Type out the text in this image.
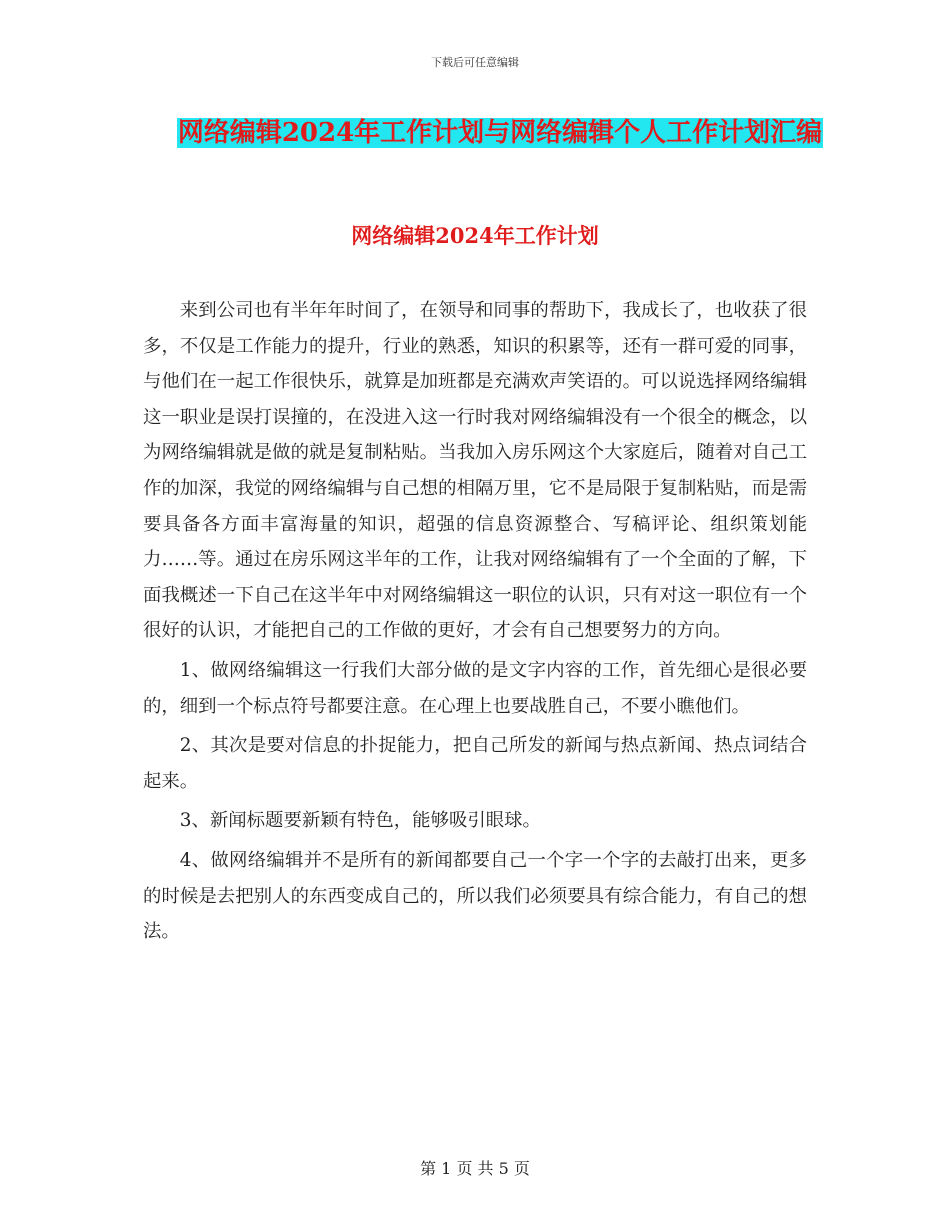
下载后可任意编辑
网络编辑2024年工作计划与网络编辑个人工作计划汇编
网络编辑2024年工作计划

来到公司也有半年年时间了，在领导和同事的帮助下，我成长了，也收获了很多，不仅是工作能力的提升，行业的熟悉，知识的积累等，还有一群可爱的同事，与他们在一起工作很快乐，就算是加班都是充满欢声笑语的。可以说选择网络编辑这一职业是误打误撞的，在没进入这一行时我对网络编辑没有一个很全的概念，以为网络编辑就是做的就是复制粘贴。当我加入房乐网这个大家庭后，随着对自己工作的加深，我觉的网络编辑与自己想的相隔万里，它不是局限于复制粘贴，而是需要具备各方面丰富海量的知识，超强的信息资源整合、写稿评论、组织策划能力……等。通过在房乐网这半年的工作，让我对网络编辑有了一个全面的了解，下面我概述一下自己在这半年中对网络编辑这一职位的认识，只有对这一职位有一个很好的认识，才能把自己的工作做的更好，才会有自己想要努力的方向。

1、做网络编辑这一行我们大部分做的是文字内容的工作，首先细心是很必要的，细到一个标点符号都要注意。在心理上也要战胜自己，不要小瞧他们。

2、其次是要对信息的扑捉能力，把自己所发的新闻与热点新闻、热点词结合起来。

3、新闻标题要新颖有特色，能够吸引眼球。

4、做网络编辑并不是所有的新闻都要自己一个字一个字的去敲打出来，更多的时候是去把别人的东西变成自己的，所以我们必须要具有综合能力，有自己的想法。

第 1 页 共 5 页
